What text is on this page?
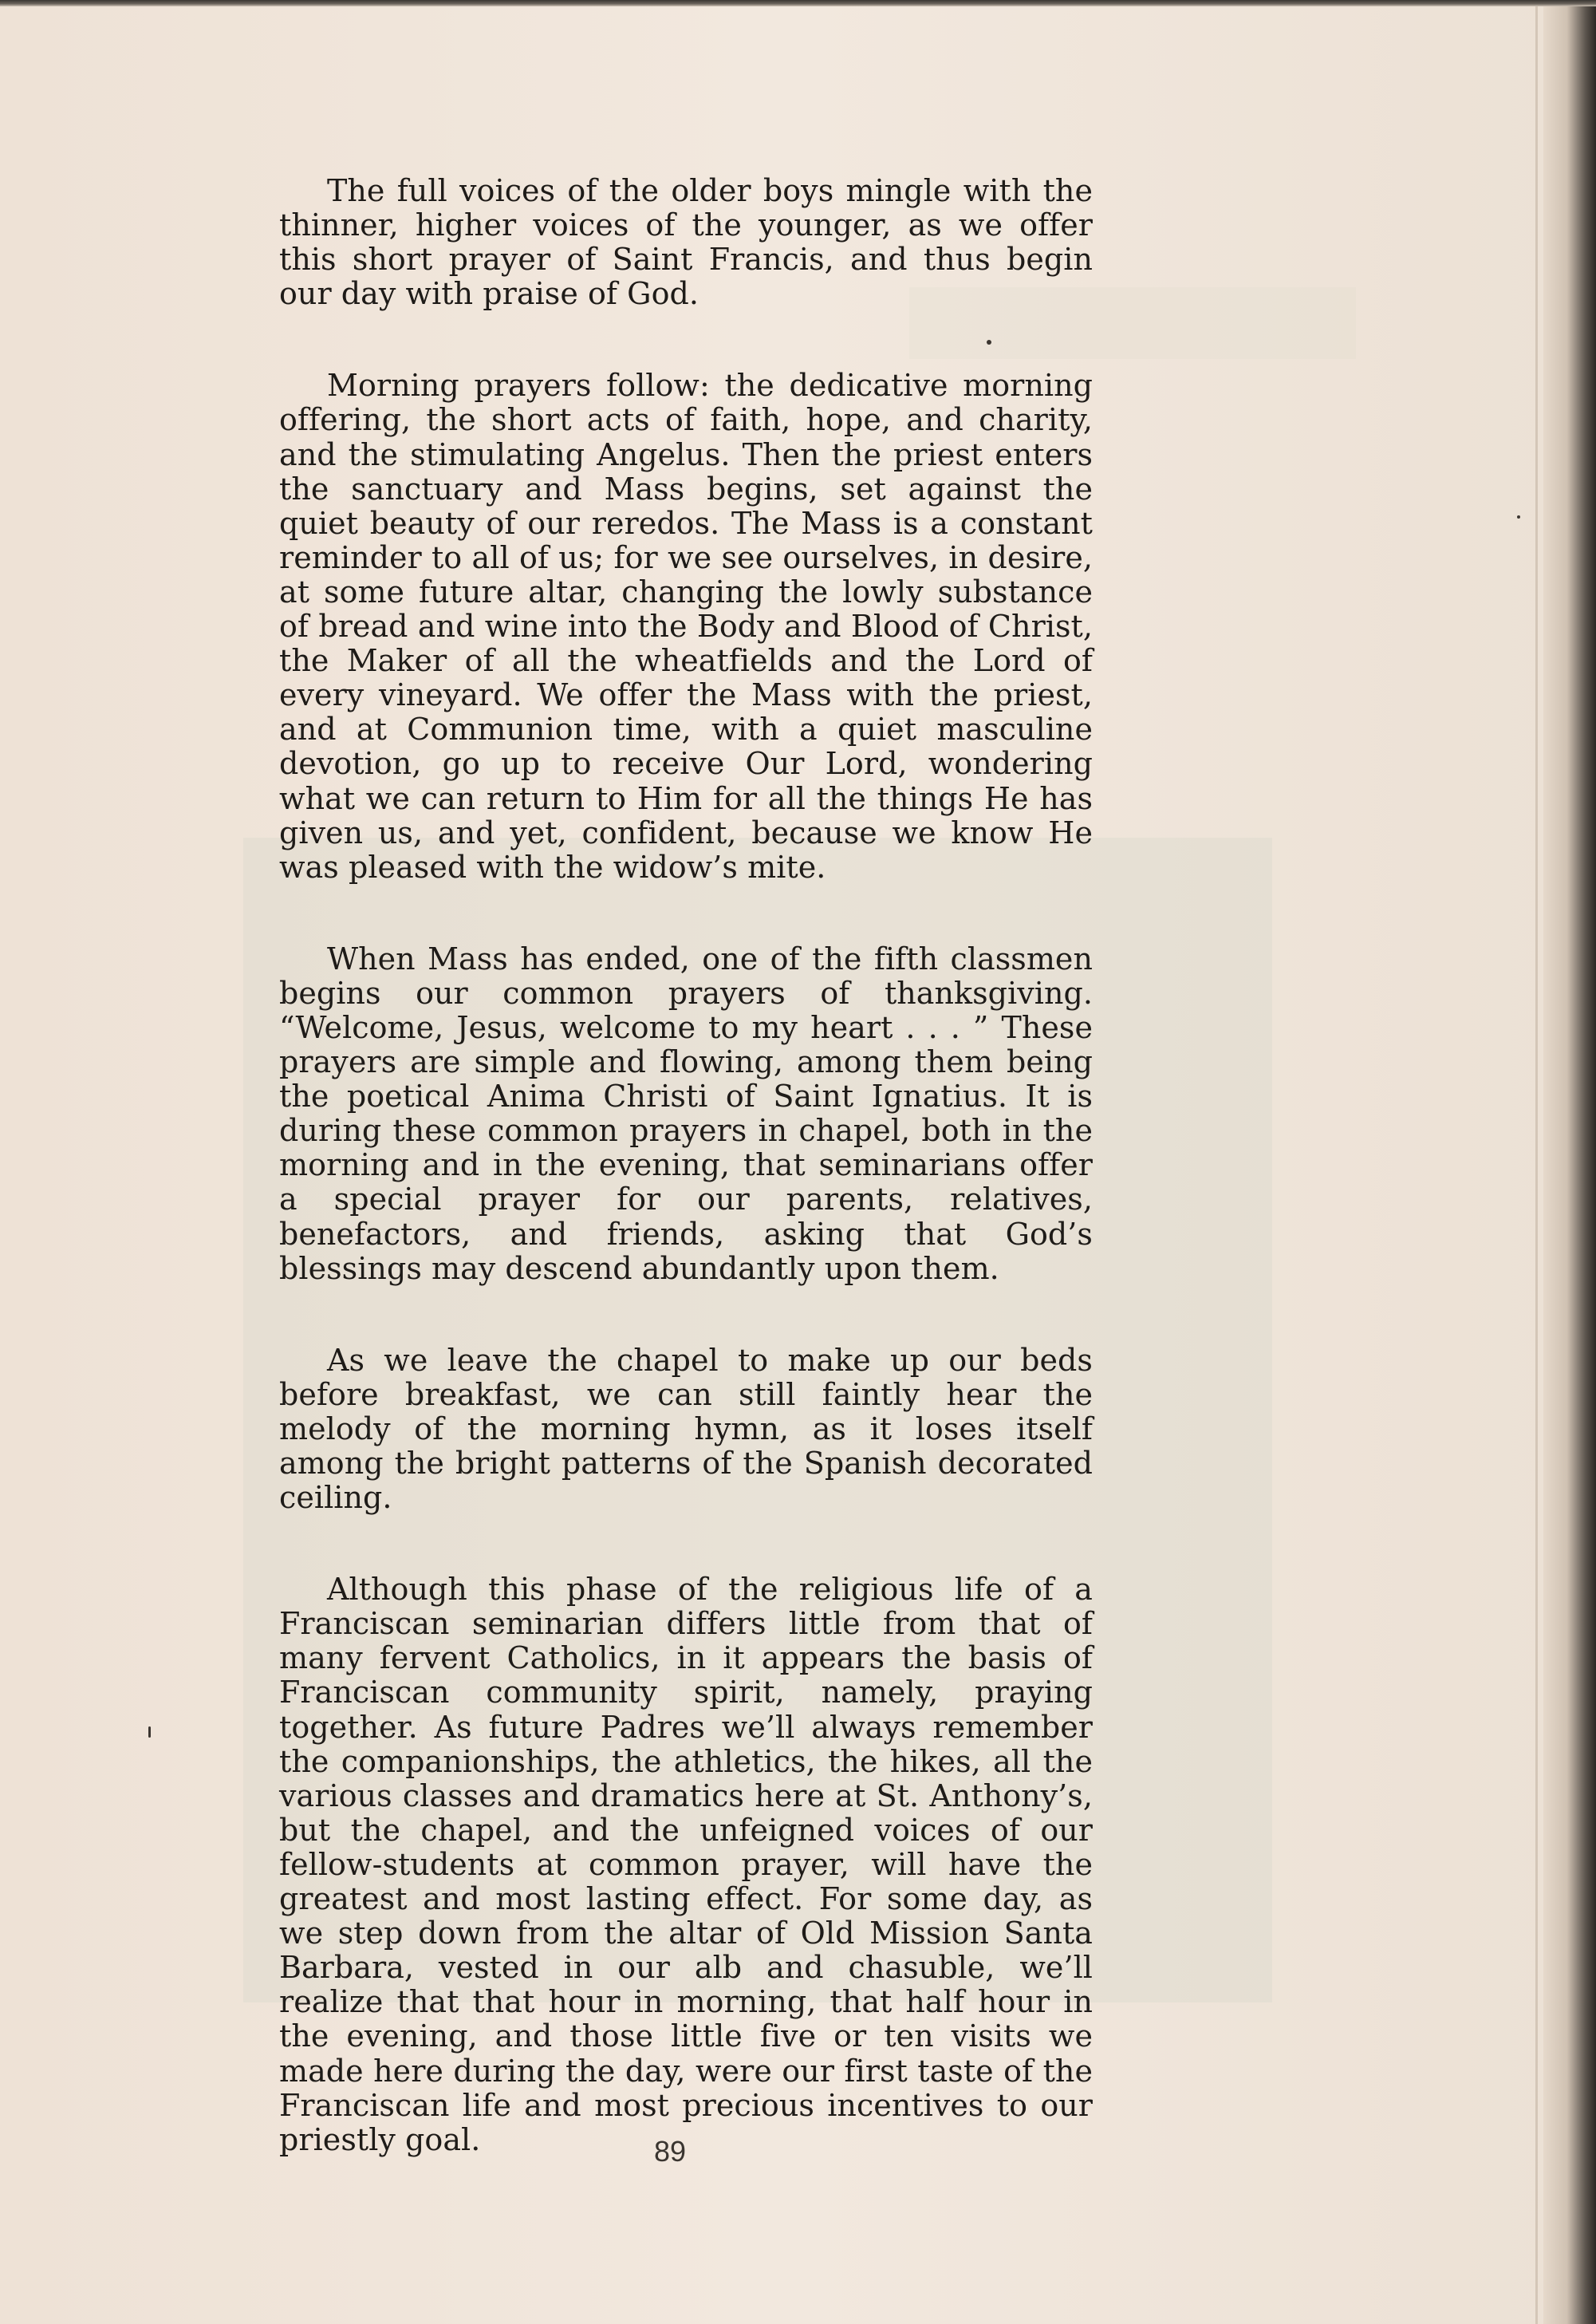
The full voices of the older boys mingle with the thinner, higher voices of the younger, as we offer this short prayer of Saint Francis, and thus begin our day with praise of God.

Morning prayers follow: the dedicative morning offering, the short acts of faith, hope, and charity, and the stimulating Angelus. Then the priest enters the sanctuary and Mass begins, set against the quiet beauty of our reredos. The Mass is a constant reminder to all of us; for we see ourselves, in desire, at some future altar, changing the lowly substance of bread and wine into the Body and Blood of Christ, the Maker of all the wheatfields and the Lord of every vineyard. We offer the Mass with the priest, and at Communion time, with a quiet masculine devotion, go up to receive Our Lord, wondering what we can return to Him for all the things He has given us, and yet, confident, because we know He was pleased with the widow’s mite.

When Mass has ended, one of the fifth classmen begins our common prayers of thanksgiving. “Welcome, Jesus, welcome to my heart . . . ” These prayers are simple and flowing, among them being the poetical Anima Christi of Saint Ignatius. It is during these common prayers in chapel, both in the morning and in the evening, that seminarians offer a special prayer for our parents, relatives, benefactors, and friends, asking that God’s blessings may descend abundantly upon them.

As we leave the chapel to make up our beds before breakfast, we can still faintly hear the melody of the morning hymn, as it loses itself among the bright patterns of the Spanish decorated ceiling.

Although this phase of the religious life of a Franciscan seminarian differs little from that of many fervent Catholics, in it appears the basis of Franciscan community spirit, namely, praying together. As future Padres we’ll always remember the companionships, the athletics, the hikes, all the various classes and dramatics here at St. Anthony’s, but the chapel, and the unfeigned voices of our fellow-students at common prayer, will have the greatest and most lasting effect. For some day, as we step down from the altar of Old Mission Santa Barbara, vested in our alb and chasuble, we’ll realize that that hour in morning, that half hour in the evening, and those little five or ten visits we made here during the day, were our first taste of the Franciscan life and most precious incentives to our priestly goal.	89
